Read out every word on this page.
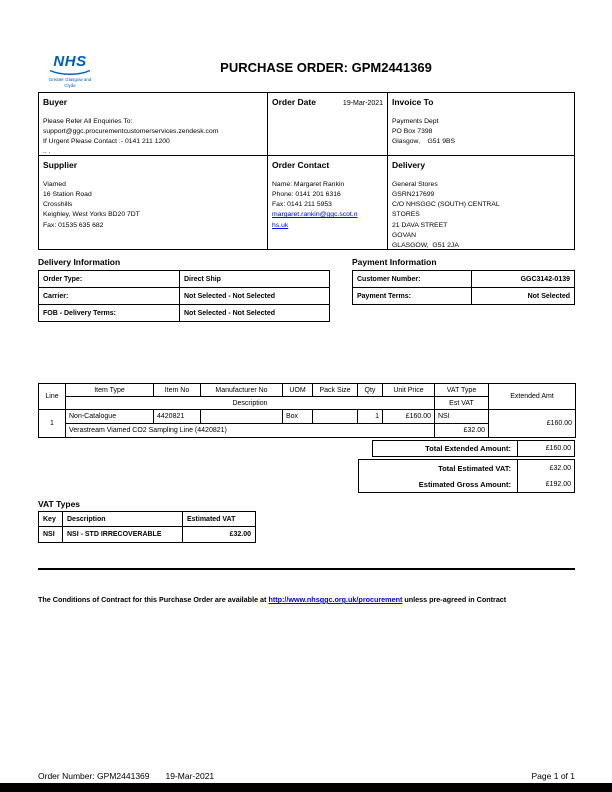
NHS
Greater Glasgow and Clyde
PURCHASE ORDER: GPM2441369
Buyer
Please Refer All Enquiries To:
support@ggc.procurementcustomerservices.zendesk.com
If Urgent Please Contact :- 0141 211 1200
.. .
Order Date	19-Mar-2021 Invoice To
Payments Dept
PO Box 7398
Glasgow,    G51 9BS
Supplier
Viamed
16 Station Road
Crosshills
Keighley, West Yorks BD20 7DT
Fax: 01535 635 682
Order Contact
Name: Margaret Rankin
Phone: 0141 201 6316
Fax: 0141 211 5953
margaret.rankin@ggc.scot.nhs.uk
Delivery
General Stores
GSRN217699
C/O NHSGGC (SOUTH) CENTRAL
STORES
21 DAVA STREET
GOVAN
GLASGOW,  G51 2JA
Delivery Information
Order Type:	Direct Ship
Carrier:	Not Selected - Not Selected
FOB - Delivery Terms:	Not Selected - Not Selected
Payment Information
Customer Number:	GGC3142-0139
Payment Terms:	Not Selected
Line	Item Type	Item No	Manufacturer No	UOM	Pack Size	Qty	Unit Price	VAT Type	Extended Amt
	Description							Est VAT	
1	Non-Catalogue	4420821		Box		1	£160.00	NSI	£160.00
	Verastream Viamed CO2 Sampling Line (4420821)							£32.00	
Total Extended Amount:	£160.00
Total Estimated VAT:	£32.00
Estimated Gross Amount:	£192.00
VAT Types
Key	Description	Estimated VAT
NSI	NSI - STD IRRECOVERABLE	£32.00
The Conditions of Contract for this Purchase Order are available at http://www.nhsggc.org.uk/procurement unless pre-agreed in Contract
Order Number: GPM2441369 19-Mar-2021	Page 1 of 1
